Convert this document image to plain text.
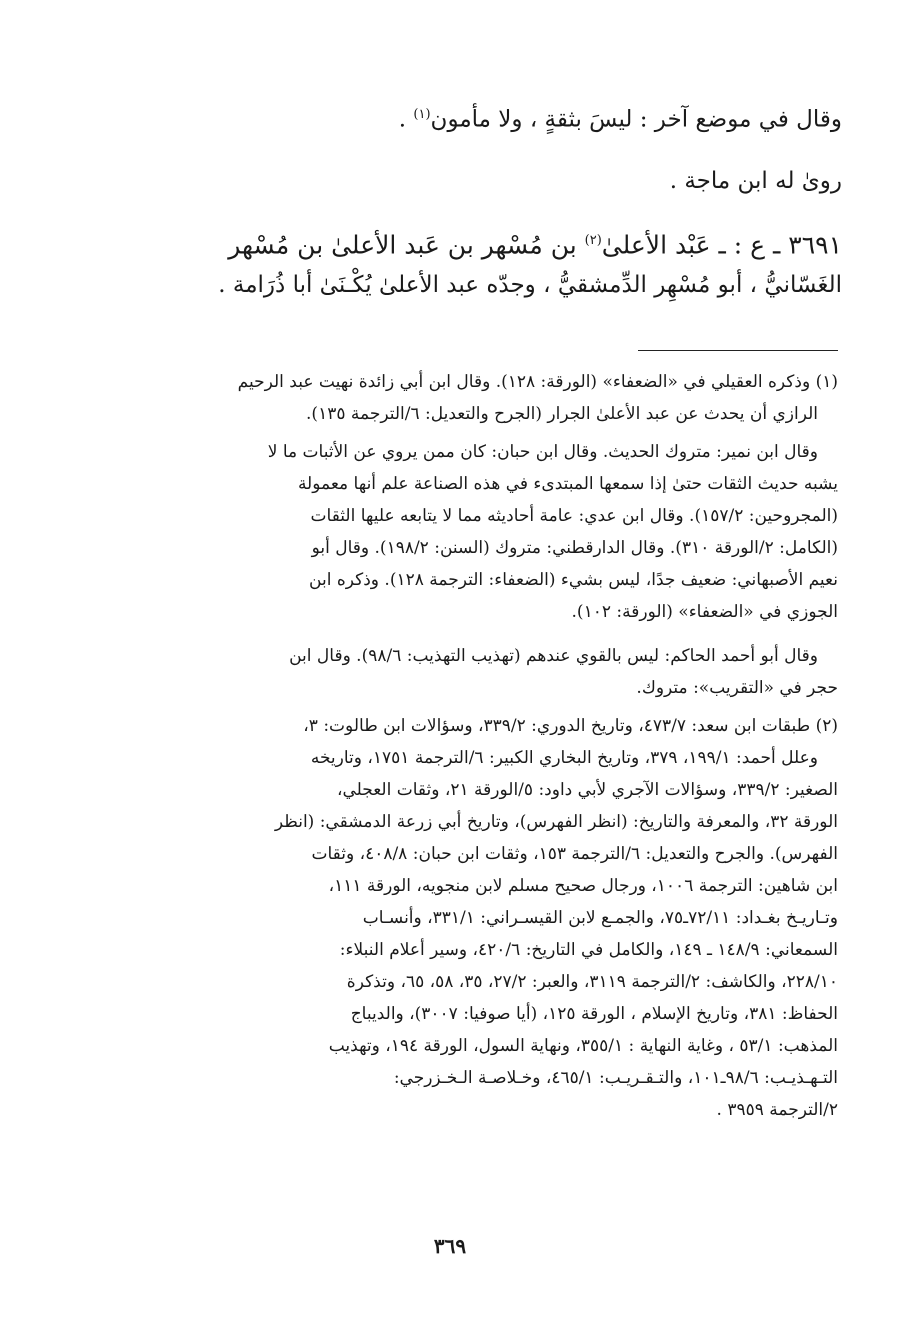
وقال في موضع آخر : ليسَ بثقةٍ ، ولا مأمون$^{(١)}$ .
روىٰ له ابن ماجة .
٣٦٩١ ـ ع : ـ عَبْد الأعلىٰ$^{(٢)}$ بن مُسْهر بن عَبد الأعلىٰ بن مُسْهر
الغَسّانيُّ ، أبو مُسْهِر الدِّمشقيُّ ، وجدّه عبد الأعلىٰ يُكْـنَىٰ أبا ذُرَامة .
(١) وذكره العقيلي في «الضعفاء» (الورقة: ١٢٨). وقال ابن أبي زائدة نهيت عبد الرحيم
الرازي أن يحدث عن عبد الأعلىٰ الجرار (الجرح والتعديل: ٦/الترجمة ١٣٥).
وقال ابن نمير: متروك الحديث. وقال ابن حبان: كان ممن يروي عن الأثبات ما لا
يشبه حديث الثقات حتىٰ إذا سمعها المبتدىء في هذه الصناعة علم أنها معمولة
(المجروحين: ١٥٧/٢). وقال ابن عدي: عامة أحاديثه مما لا يتابعه عليها الثقات
(الكامل: ٢/الورقة ٣١٠). وقال الدارقطني: متروك (السنن: ١٩٨/٢). وقال أبو
نعيم الأصبهاني: ضعيف جدًا، ليس بشيء (الضعفاء: الترجمة ١٢٨). وذكره ابن
الجوزي في «الضعفاء» (الورقة: ١٠٢).
وقال أبو أحمد الحاكم: ليس بالقوي عندهم (تهذيب التهذيب: ٩٨/٦). وقال ابن
حجر في «التقريب»: متروك.
(٢) طبقات ابن سعد: ٤٧٣/٧، وتاريخ الدوري: ٣٣٩/٢، وسؤالات ابن طالوت: ٣،
وعلل أحمد: ١٩٩/١، ٣٧٩، وتاريخ البخاري الكبير: ٦/الترجمة ١٧٥١، وتاريخه
الصغير: ٣٣٩/٢، وسؤالات الآجري لأبي داود: ٥/الورقة ٢١، وثقات العجلي،
الورقة ٣٢، والمعرفة والتاريخ: (انظر الفهرس)، وتاريخ أبي زرعة الدمشقي: (انظر
الفهرس). والجرح والتعديل: ٦/الترجمة ١٥٣، وثقات ابن حبان: ٤٠٨/٨، وثقات
ابن شاهين: الترجمة ١٠٠٦، ورجال صحيح مسلم لابن منجويه، الورقة ١١١،
وتـاريـخ بغـداد: ٧٢/١١ـ٧٥، والجمـع لابن القيسـراني: ٣٣١/١، وأنسـاب
السمعاني: ١٤٨/٩ ـ ١٤٩، والكامل في التاريخ: ٤٢٠/٦، وسير أعلام النبلاء:
٢٢٨/١٠، والكاشف: ٢/الترجمة ٣١١٩، والعبر: ٢٧/٢، ٣٥، ٥٨، ٦٥، وتذكرة
الحفاظ: ٣٨١، وتاريخ الإسلام ، الورقة ١٢٥، (أيا صوفيا: ٣٠٠٧)، والديباج
المذهب: ٥٣/١ ، وغاية النهاية : ٣٥٥/١، ونهاية السول، الورقة ١٩٤، وتهذيب
التـهـذيـب: ٩٨/٦ـ١٠١، والتـقـريـب: ٤٦٥/١، وخـلاصـة الـخـزرجي:
٢/الترجمة ٣٩٥٩ .
٣٦٩
